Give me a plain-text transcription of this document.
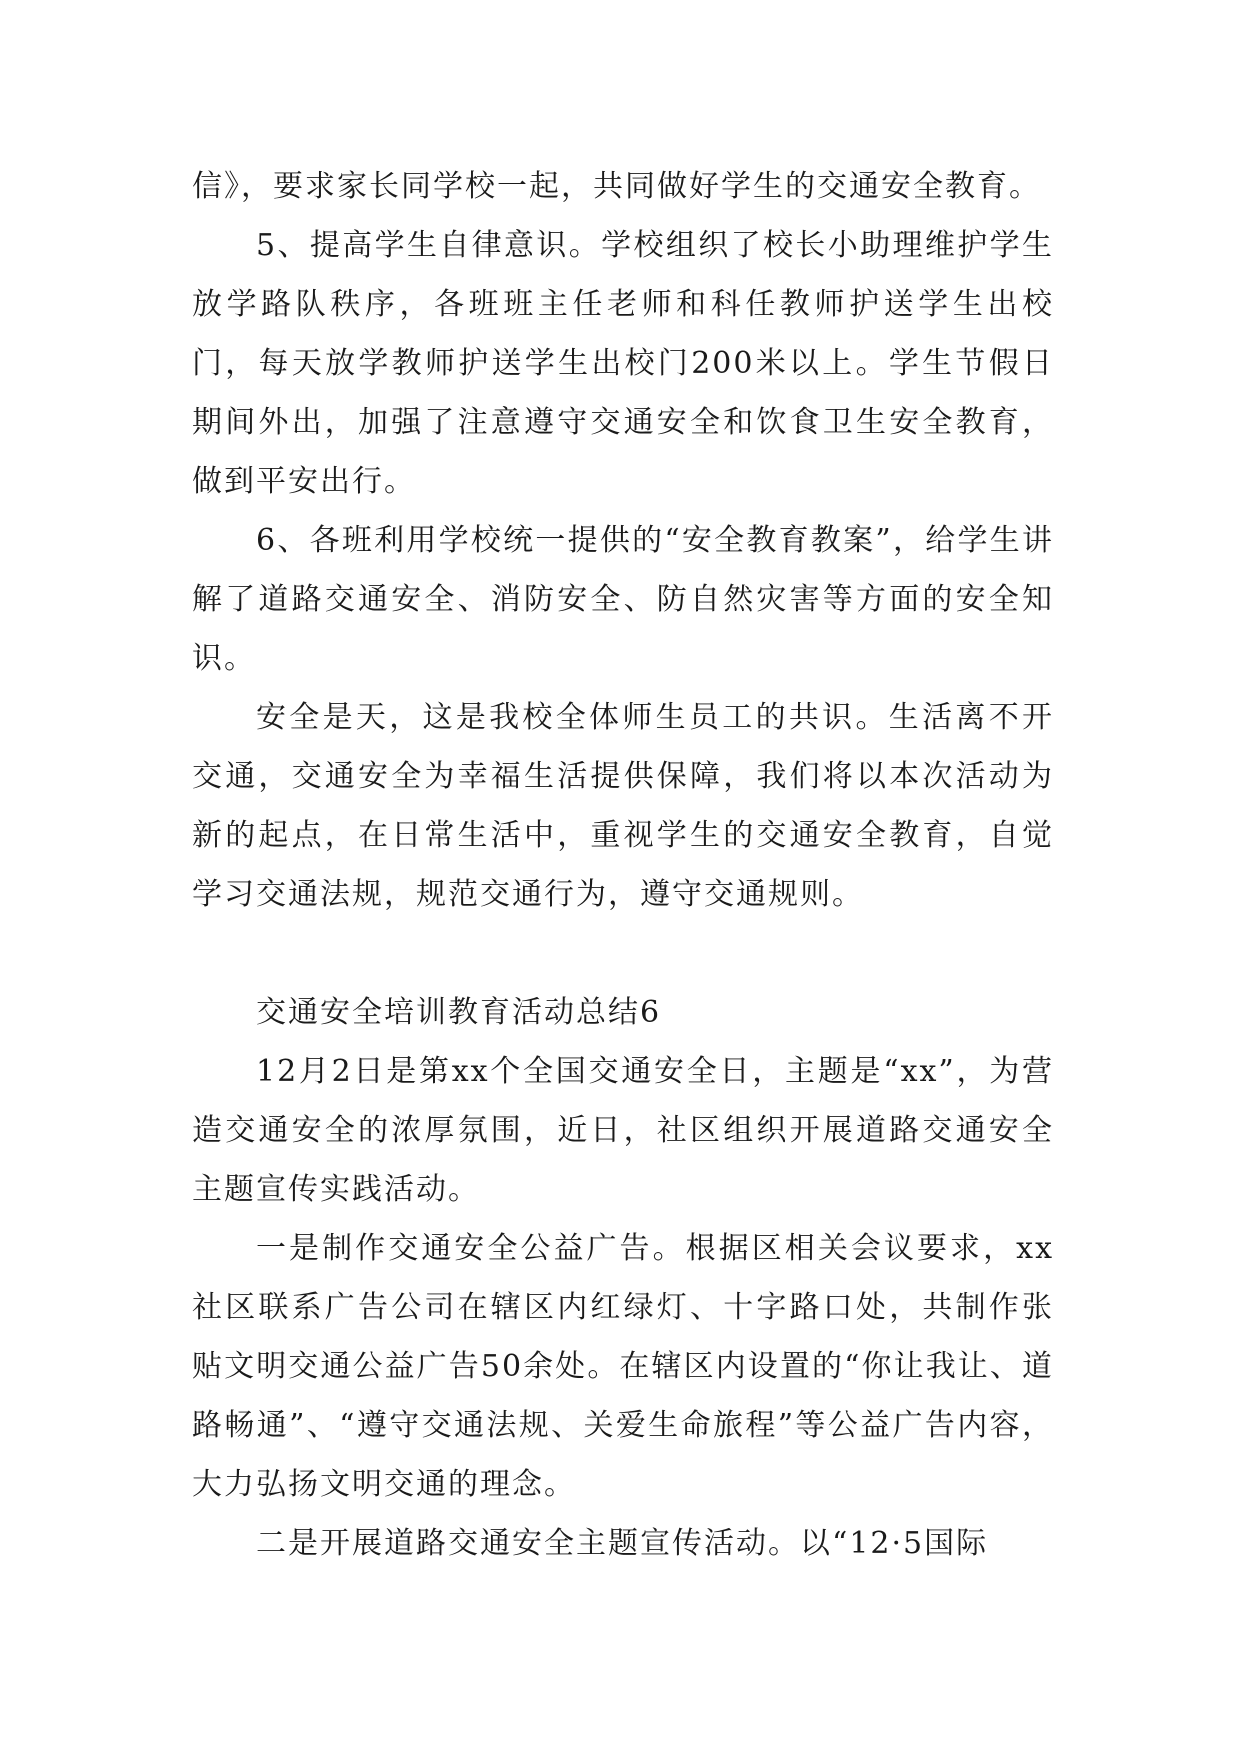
信》，要求家长同学校一起，共同做好学生的交通安全教育。

5、提高学生自律意识。学校组织了校长小助理维护学生放学路队秩序，各班班主任老师和科任教师护送学生出校门，每天放学教师护送学生出校门200米以上。学生节假日期间外出，加强了注意遵守交通安全和饮食卫生安全教育，做到平安出行。

6、各班利用学校统一提供的“安全教育教案”，给学生讲解了道路交通安全、消防安全、防自然灾害等方面的安全知识。

安全是天，这是我校全体师生员工的共识。生活离不开交通，交通安全为幸福生活提供保障，我们将以本次活动为新的起点，在日常生活中，重视学生的交通安全教育，自觉学习交通法规，规范交通行为，遵守交通规则。

交通安全培训教育活动总结6

12月2日是第xx个全国交通安全日，主题是“xx”，为营造交通安全的浓厚氛围，近日，社区组织开展道路交通安全主题宣传实践活动。

一是制作交通安全公益广告。根据区相关会议要求，xx社区联系广告公司在辖区内红绿灯、十字路口处，共制作张贴文明交通公益广告50余处。在辖区内设置的“你让我让、道路畅通”、“遵守交通法规、关爱生命旅程”等公益广告内容，大力弘扬文明交通的理念。

二是开展道路交通安全主题宣传活动。以“12·5国际
